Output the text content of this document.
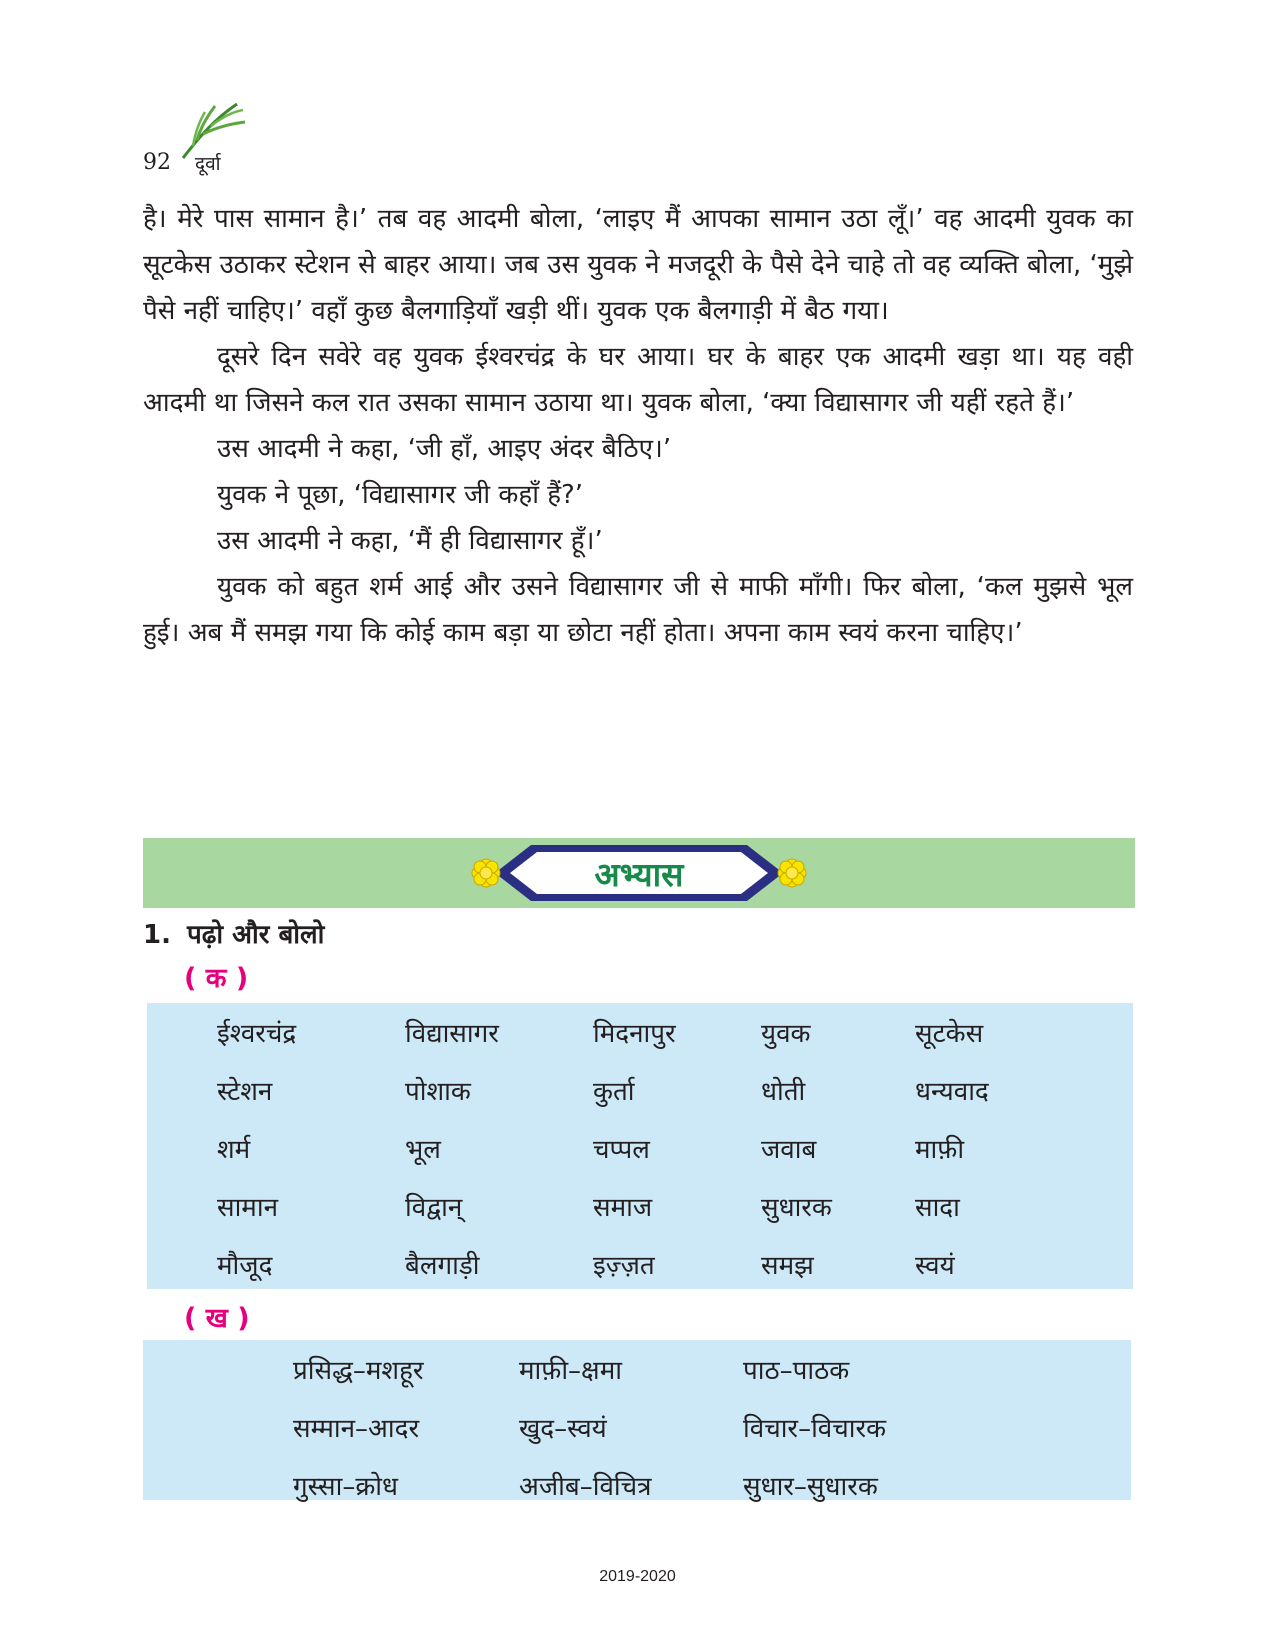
92 दूर्वा

है। मेरे पास सामान है।’ तब वह आदमी बोला, ‘लाइए मैं आपका सामान उठा लूँ।’ वह आदमी युवक का सूटकेस उठाकर स्टेशन से बाहर आया। जब उस युवक ने मजदूरी के पैसे देने चाहे तो वह व्यक्ति बोला, ‘मुझे पैसे नहीं चाहिए।’ वहाँ कुछ बैलगाड़ियाँ खड़ी थीं। युवक एक बैलगाड़ी में बैठ गया।

दूसरे दिन सवेरे वह युवक ईश्वरचंद्र के घर आया। घर के बाहर एक आदमी खड़ा था। यह वही आदमी था जिसने कल रात उसका सामान उठाया था। युवक बोला, ‘क्या विद्यासागर जी यहीं रहते हैं।’

उस आदमी ने कहा, ‘जी हाँ, आइए अंदर बैठिए।’

युवक ने पूछा, ‘विद्यासागर जी कहाँ हैं?’

उस आदमी ने कहा, ‘मैं ही विद्यासागर हूँ।’

युवक को बहुत शर्म आई और उसने विद्यासागर जी से माफी माँगी। फिर बोला, ‘कल मुझसे भूल हुई। अब मैं समझ गया कि कोई काम बड़ा या छोटा नहीं होता। अपना काम स्वयं करना चाहिए।’

अभ्यास
1. पढ़ो और बोलो
( क )
ईश्वरचंद्र	विद्यासागर	मिदनापुर	युवक	सूटकेस
स्टेशन	पोशाक	कुर्ता	धोती	धन्यवाद
शर्म	भूल	चप्पल	जवाब	माफ़ी
सामान	विद्वान्	समाज	सुधारक	सादा
मौजूद	बैलगाड़ी	इज़्ज़त	समझ	स्वयं
( ख )
प्रसिद्ध–मशहूर	माफ़ी–क्षमा	पाठ–पाठक
सम्मान–आदर	खुद–स्वयं	विचार–विचारक
गुस्सा–क्रोध	अजीब–विचित्र	सुधार–सुधारक
2019-2020
